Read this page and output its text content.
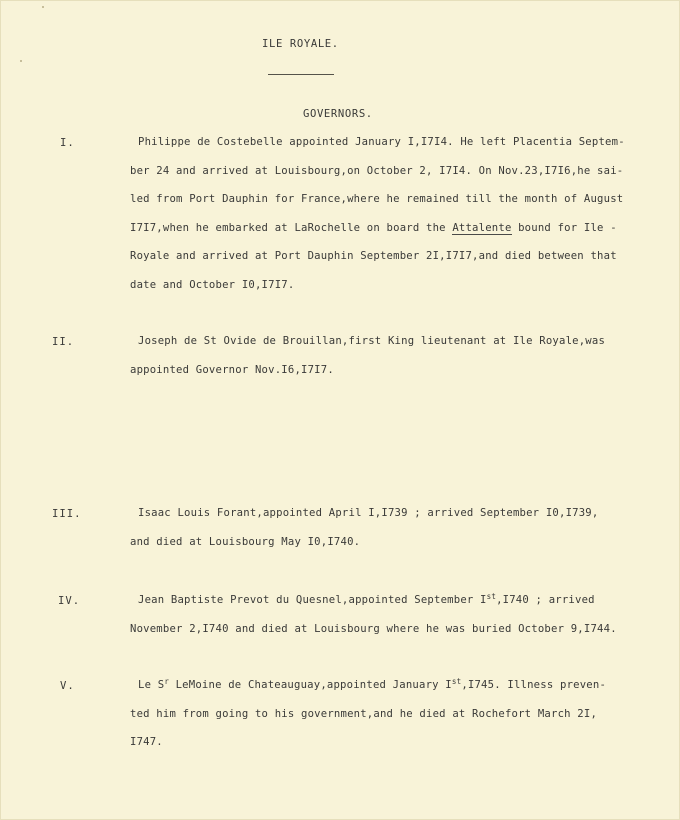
ILE ROYALE.
GOVERNORS.
I.	Philippe de Costebelle appointed January I,I7I4. He left Placentia Septem-
ber 24 and arrived at Louisbourg,on October 2, I7I4. On Nov.23,I7I6,he sai-
led from Port Dauphin for France,where he remained till the month of August
I7I7,when he embarked at LaRochelle on board the Attalente bound for Ile -
Royale and arrived at Port Dauphin September 2I,I7I7,and died between that
date and October I0,I7I7.
II.	Joseph de St Ovide de Brouillan,first King lieutenant at Ile Royale,was
appointed Governor Nov.I6,I7I7.
III.	Isaac Louis Forant,appointed April I,I739 ; arrived September I0,I739,
and died at Louisbourg May I0,I740.
IV.	Jean Baptiste Prevot du Quesnel,appointed September Ist,I740 ; arrived
November 2,I740 and died at Louisbourg where he was buried October 9,I744.
V.	Le $S^r$ LeMoine de Chateauguay,appointed January Ist,I745. Illness preven-
ted him from going to his government,and he died at Rochefort March 2I,
I747.
